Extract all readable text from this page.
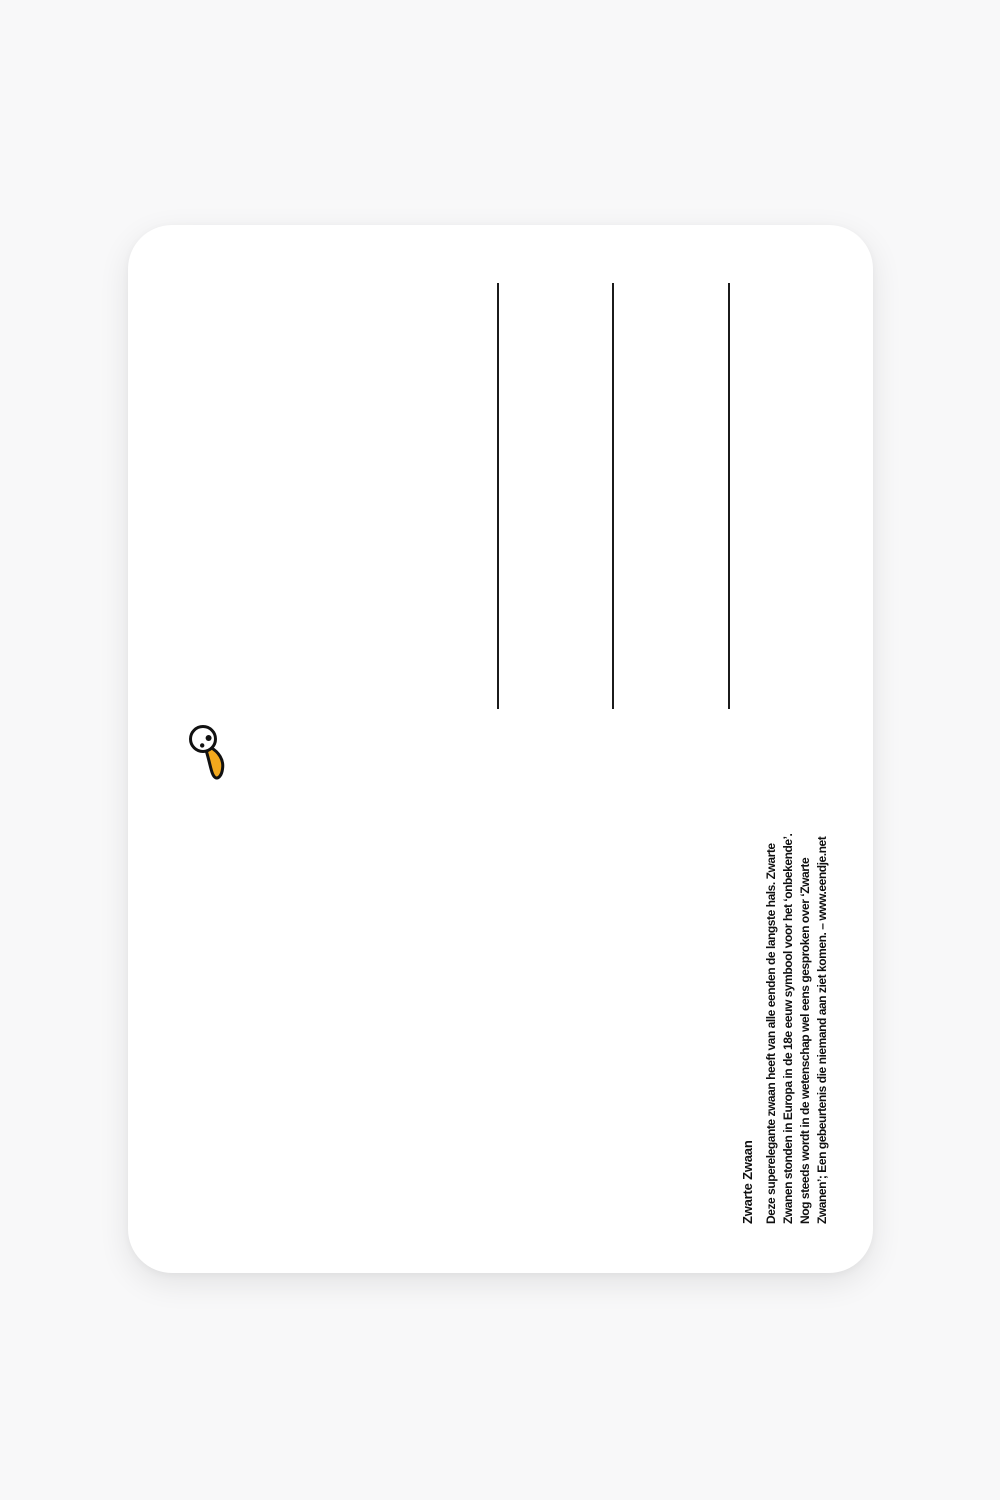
Zwarte Zwaan Deze superelegante zwaan heeft van alle eenden de langste hals. Zwarte Zwanen stonden in Europa in de 18e eeuw symbool voor het ‘onbekende’. Nog steeds wordt in de wetenschap wel eens gesproken over ‘Zwarte Zwanen’; Een gebeurtenis die niemand aan ziet komen. – www.eendje.net
